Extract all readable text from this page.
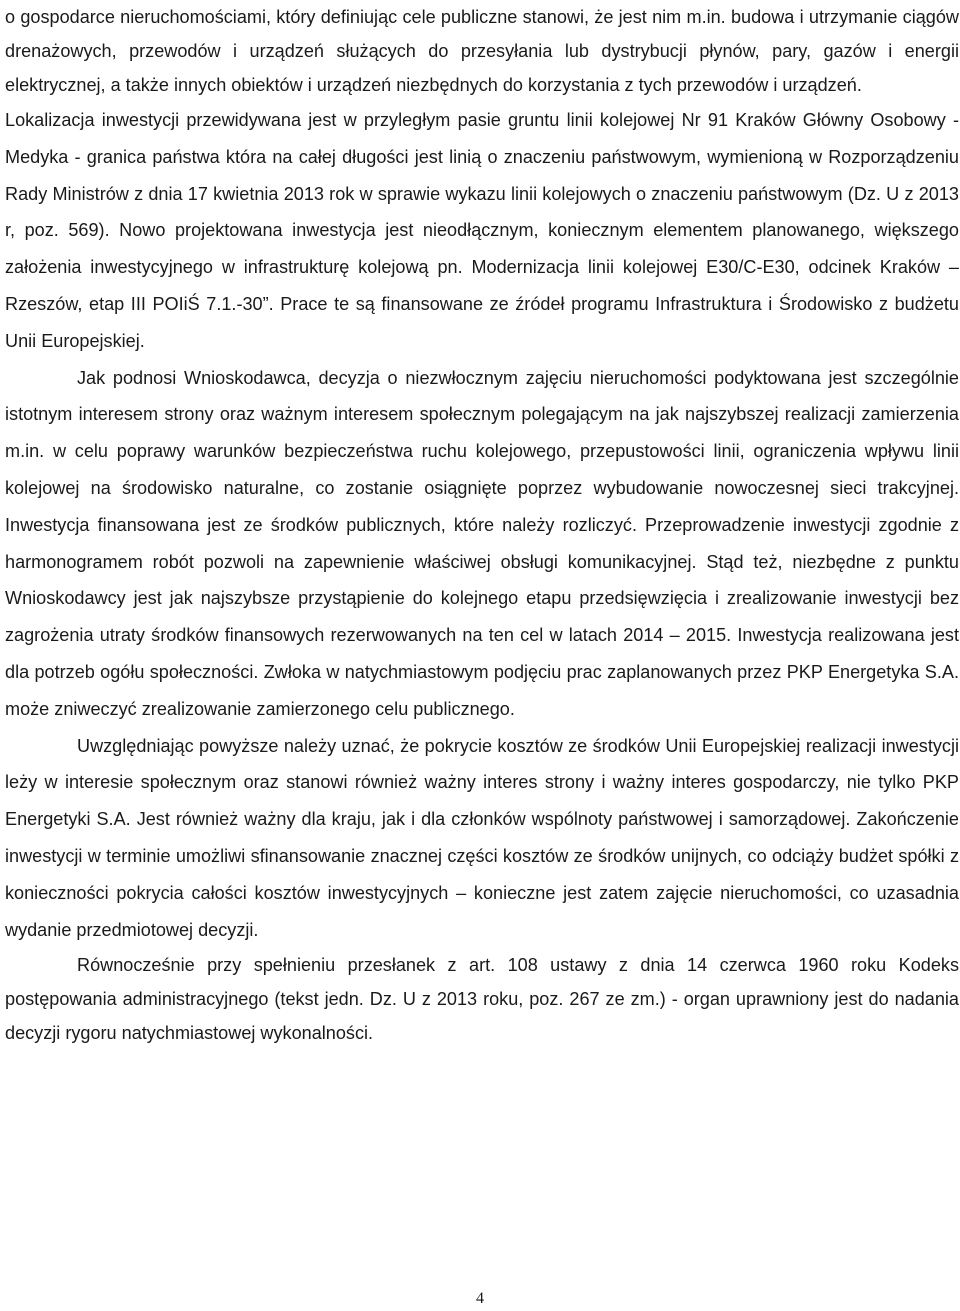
o gospodarce nieruchomościami, który definiując cele publiczne stanowi, że jest nim m.in. budowa i utrzymanie ciągów drenażowych, przewodów i urządzeń służących do przesyłania lub dystrybucji płynów, pary, gazów i energii elektrycznej, a także innych obiektów i urządzeń niezbędnych do korzystania z tych przewodów i urządzeń.

Lokalizacja inwestycji przewidywana jest w przyległym pasie gruntu linii kolejowej Nr 91 Kraków Główny Osobowy - Medyka - granica państwa która na całej długości jest linią o znaczeniu państwowym, wymienioną w Rozporządzeniu Rady Ministrów z dnia 17 kwietnia 2013 rok w sprawie wykazu linii kolejowych o znaczeniu państwowym (Dz. U z 2013 r, poz. 569). Nowo projektowana inwestycja jest nieodłącznym, koniecznym elementem planowanego, większego założenia inwestycyjnego w infrastrukturę kolejową pn. Modernizacja linii kolejowej E30/C-E30, odcinek Kraków – Rzeszów, etap III POIiŚ 7.1.-30”. Prace te są finansowane ze źródeł programu Infrastruktura i Środowisko z budżetu Unii Europejskiej.

Jak podnosi Wnioskodawca, decyzja o niezwłocznym zajęciu nieruchomości podyktowana jest szczególnie istotnym interesem strony oraz ważnym interesem społecznym polegającym na jak najszybszej realizacji zamierzenia m.in. w celu poprawy warunków bezpieczeństwa ruchu kolejowego, przepustowości linii, ograniczenia wpływu linii kolejowej na środowisko naturalne, co zostanie osiągnięte poprzez wybudowanie nowoczesnej sieci trakcyjnej. Inwestycja finansowana jest ze środków publicznych, które należy rozliczyć. Przeprowadzenie inwestycji zgodnie z harmonogramem robót pozwoli na zapewnienie właściwej obsługi komunikacyjnej. Stąd też, niezbędne z punktu Wnioskodawcy jest jak najszybsze przystąpienie do kolejnego etapu przedsięwzięcia i zrealizowanie inwestycji bez zagrożenia utraty środków finansowych rezerwowanych na ten cel w latach 2014 – 2015. Inwestycja realizowana jest dla potrzeb ogółu społeczności. Zwłoka w natychmiastowym podjęciu prac zaplanowanych przez PKP Energetyka S.A. może zniweczyć zrealizowanie zamierzonego celu publicznego.

Uwzględniając powyższe należy uznać, że pokrycie kosztów ze środków Unii Europejskiej realizacji inwestycji leży w interesie społecznym oraz stanowi również ważny interes strony i ważny interes gospodarczy, nie tylko PKP Energetyki S.A. Jest również ważny dla kraju, jak i dla członków wspólnoty państwowej i samorządowej. Zakończenie inwestycji w terminie umożliwi sfinansowanie znacznej części kosztów ze środków unijnych, co odciąży budżet spółki z konieczności pokrycia całości kosztów inwestycyjnych – konieczne jest zatem zajęcie nieruchomości, co uzasadnia wydanie przedmiotowej decyzji.

Równocześnie przy spełnieniu przesłanek z art. 108 ustawy z dnia 14 czerwca 1960 roku Kodeks postępowania administracyjnego (tekst jedn. Dz. U z 2013 roku, poz. 267 ze zm.) - organ uprawniony jest do nadania decyzji rygoru natychmiastowej wykonalności.

4
